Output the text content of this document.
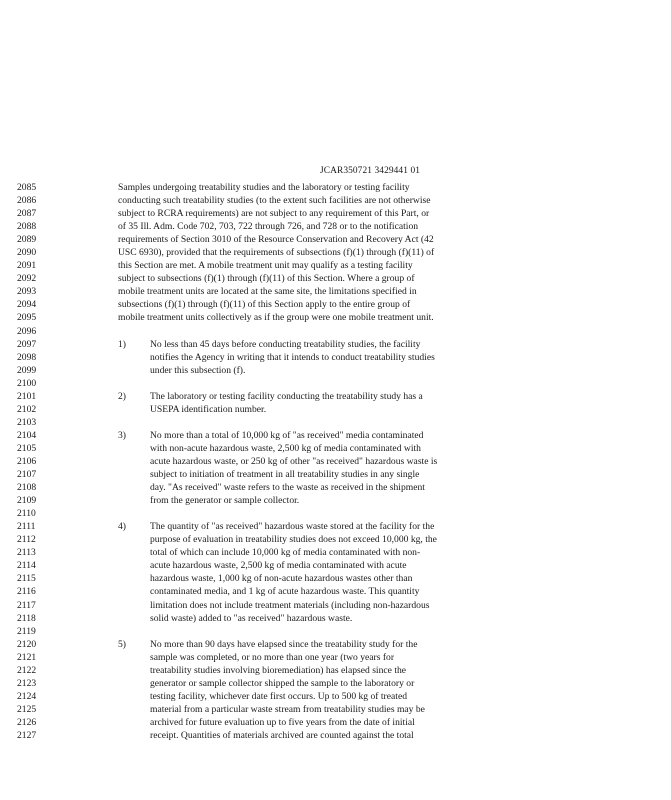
JCAR350721 3429441 01
2085	Samples undergoing treatability studies and the laboratory or testing facility
2086	conducting such treatability studies (to the extent such facilities are not otherwise
2087	subject to RCRA requirements) are not subject to any requirement of this Part, or
2088	of 35 Ill. Adm. Code 702, 703, 722 through 726, and 728 or to the notification
2089	requirements of Section 3010 of the Resource Conservation and Recovery Act (42
2090	USC 6930), provided that the requirements of subsections (f)(1) through (f)(11) of
2091	this Section are met. A mobile treatment unit may qualify as a testing facility
2092	subject to subsections (f)(1) through (f)(11) of this Section. Where a group of
2093	mobile treatment units are located at the same site, the limitations specified in
2094	subsections (f)(1) through (f)(11) of this Section apply to the entire group of
2095	mobile treatment units collectively as if the group were one mobile treatment unit.
2096
2097	1)	No less than 45 days before conducting treatability studies, the facility
2098	notifies the Agency in writing that it intends to conduct treatability studies
2099	under this subsection (f).
2100
2101	2)	The laboratory or testing facility conducting the treatability study has a
2102	USEPA identification number.
2103
2104	3)	No more than a total of 10,000 kg of "as received" media contaminated
2105	with non-acute hazardous waste, 2,500 kg of media contaminated with
2106	acute hazardous waste, or 250 kg of other "as received" hazardous waste is
2107	subject to initiation of treatment in all treatability studies in any single
2108	day. "As received" waste refers to the waste as received in the shipment
2109	from the generator or sample collector.
2110
2111	4)	The quantity of "as received" hazardous waste stored at the facility for the
2112	purpose of evaluation in treatability studies does not exceed 10,000 kg, the
2113	total of which can include 10,000 kg of media contaminated with non-
2114	acute hazardous waste, 2,500 kg of media contaminated with acute
2115	hazardous waste, 1,000 kg of non-acute hazardous wastes other than
2116	contaminated media, and 1 kg of acute hazardous waste. This quantity
2117	limitation does not include treatment materials (including non-hazardous
2118	solid waste) added to "as received" hazardous waste.
2119
2120	5)	No more than 90 days have elapsed since the treatability study for the
2121	sample was completed, or no more than one year (two years for
2122	treatability studies involving bioremediation) has elapsed since the
2123	generator or sample collector shipped the sample to the laboratory or
2124	testing facility, whichever date first occurs. Up to 500 kg of treated
2125	material from a particular waste stream from treatability studies may be
2126	archived for future evaluation up to five years from the date of initial
2127	receipt. Quantities of materials archived are counted against the total
